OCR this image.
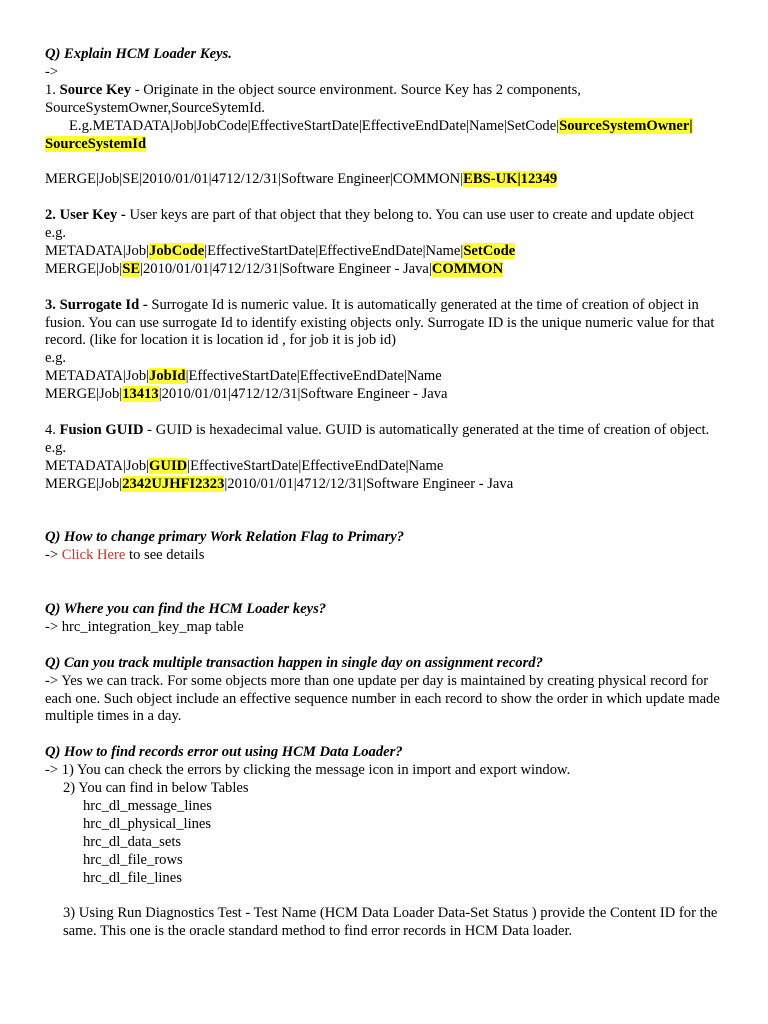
Q) Explain HCM Loader Keys.

->

1. Source Key - Originate in the object source environment. Source Key has 2 components, SourceSystemOwner,SourceSytemId.

E.g.METADATA|Job|JobCode|EffectiveStartDate|EffectiveEndDate|Name|SetCode|SourceSystemOwner|

SourceSystemId

MERGE|Job|SE|2010/01/01|4712/12/31|Software Engineer|COMMON|EBS-UK|12349

2. User Key - User keys are part of that object that they belong to. You can use user to create and update object

e.g.

METADATA|Job|JobCode|EffectiveStartDate|EffectiveEndDate|Name|SetCode

MERGE|Job|SE|2010/01/01|4712/12/31|Software Engineer - Java|COMMON

3. Surrogate Id - Surrogate Id is numeric value. It is automatically generated at the time of creation of object in fusion. You can use surrogate Id to identify existing objects only. Surrogate ID is the unique numeric value for that record. (like for location it is location id , for job it is job id)

e.g.

METADATA|Job|JobId|EffectiveStartDate|EffectiveEndDate|Name

MERGE|Job|13413|2010/01/01|4712/12/31|Software Engineer - Java

4. Fusion GUID - GUID is hexadecimal value. GUID is automatically generated at the time of creation of object.

e.g.

METADATA|Job|GUID|EffectiveStartDate|EffectiveEndDate|Name

MERGE|Job|2342UJHFI2323|2010/01/01|4712/12/31|Software Engineer - Java

Q) How to change primary Work Relation Flag to Primary?

-> Click Here to see details

Q) Where you can find the HCM Loader keys?

-> hrc_integration_key_map table

Q) Can you track multiple transaction happen in single day on assignment record?

-> Yes we can track. For some objects more than one update per day is maintained by creating physical record for each one. Such object include an effective sequence number in each record to show the order in which update made multiple times in a day.

Q) How to find records error out using HCM Data Loader?

-> 1) You can check the errors by clicking the message icon in import and export window.

2) You can find in below Tables

hrc_dl_message_lines

hrc_dl_physical_lines

hrc_dl_data_sets

hrc_dl_file_rows

hrc_dl_file_lines

3) Using Run Diagnostics Test - Test Name (HCM Data Loader Data-Set Status ) provide the Content ID for the same. This one is the oracle standard method to find error records in HCM Data loader.
